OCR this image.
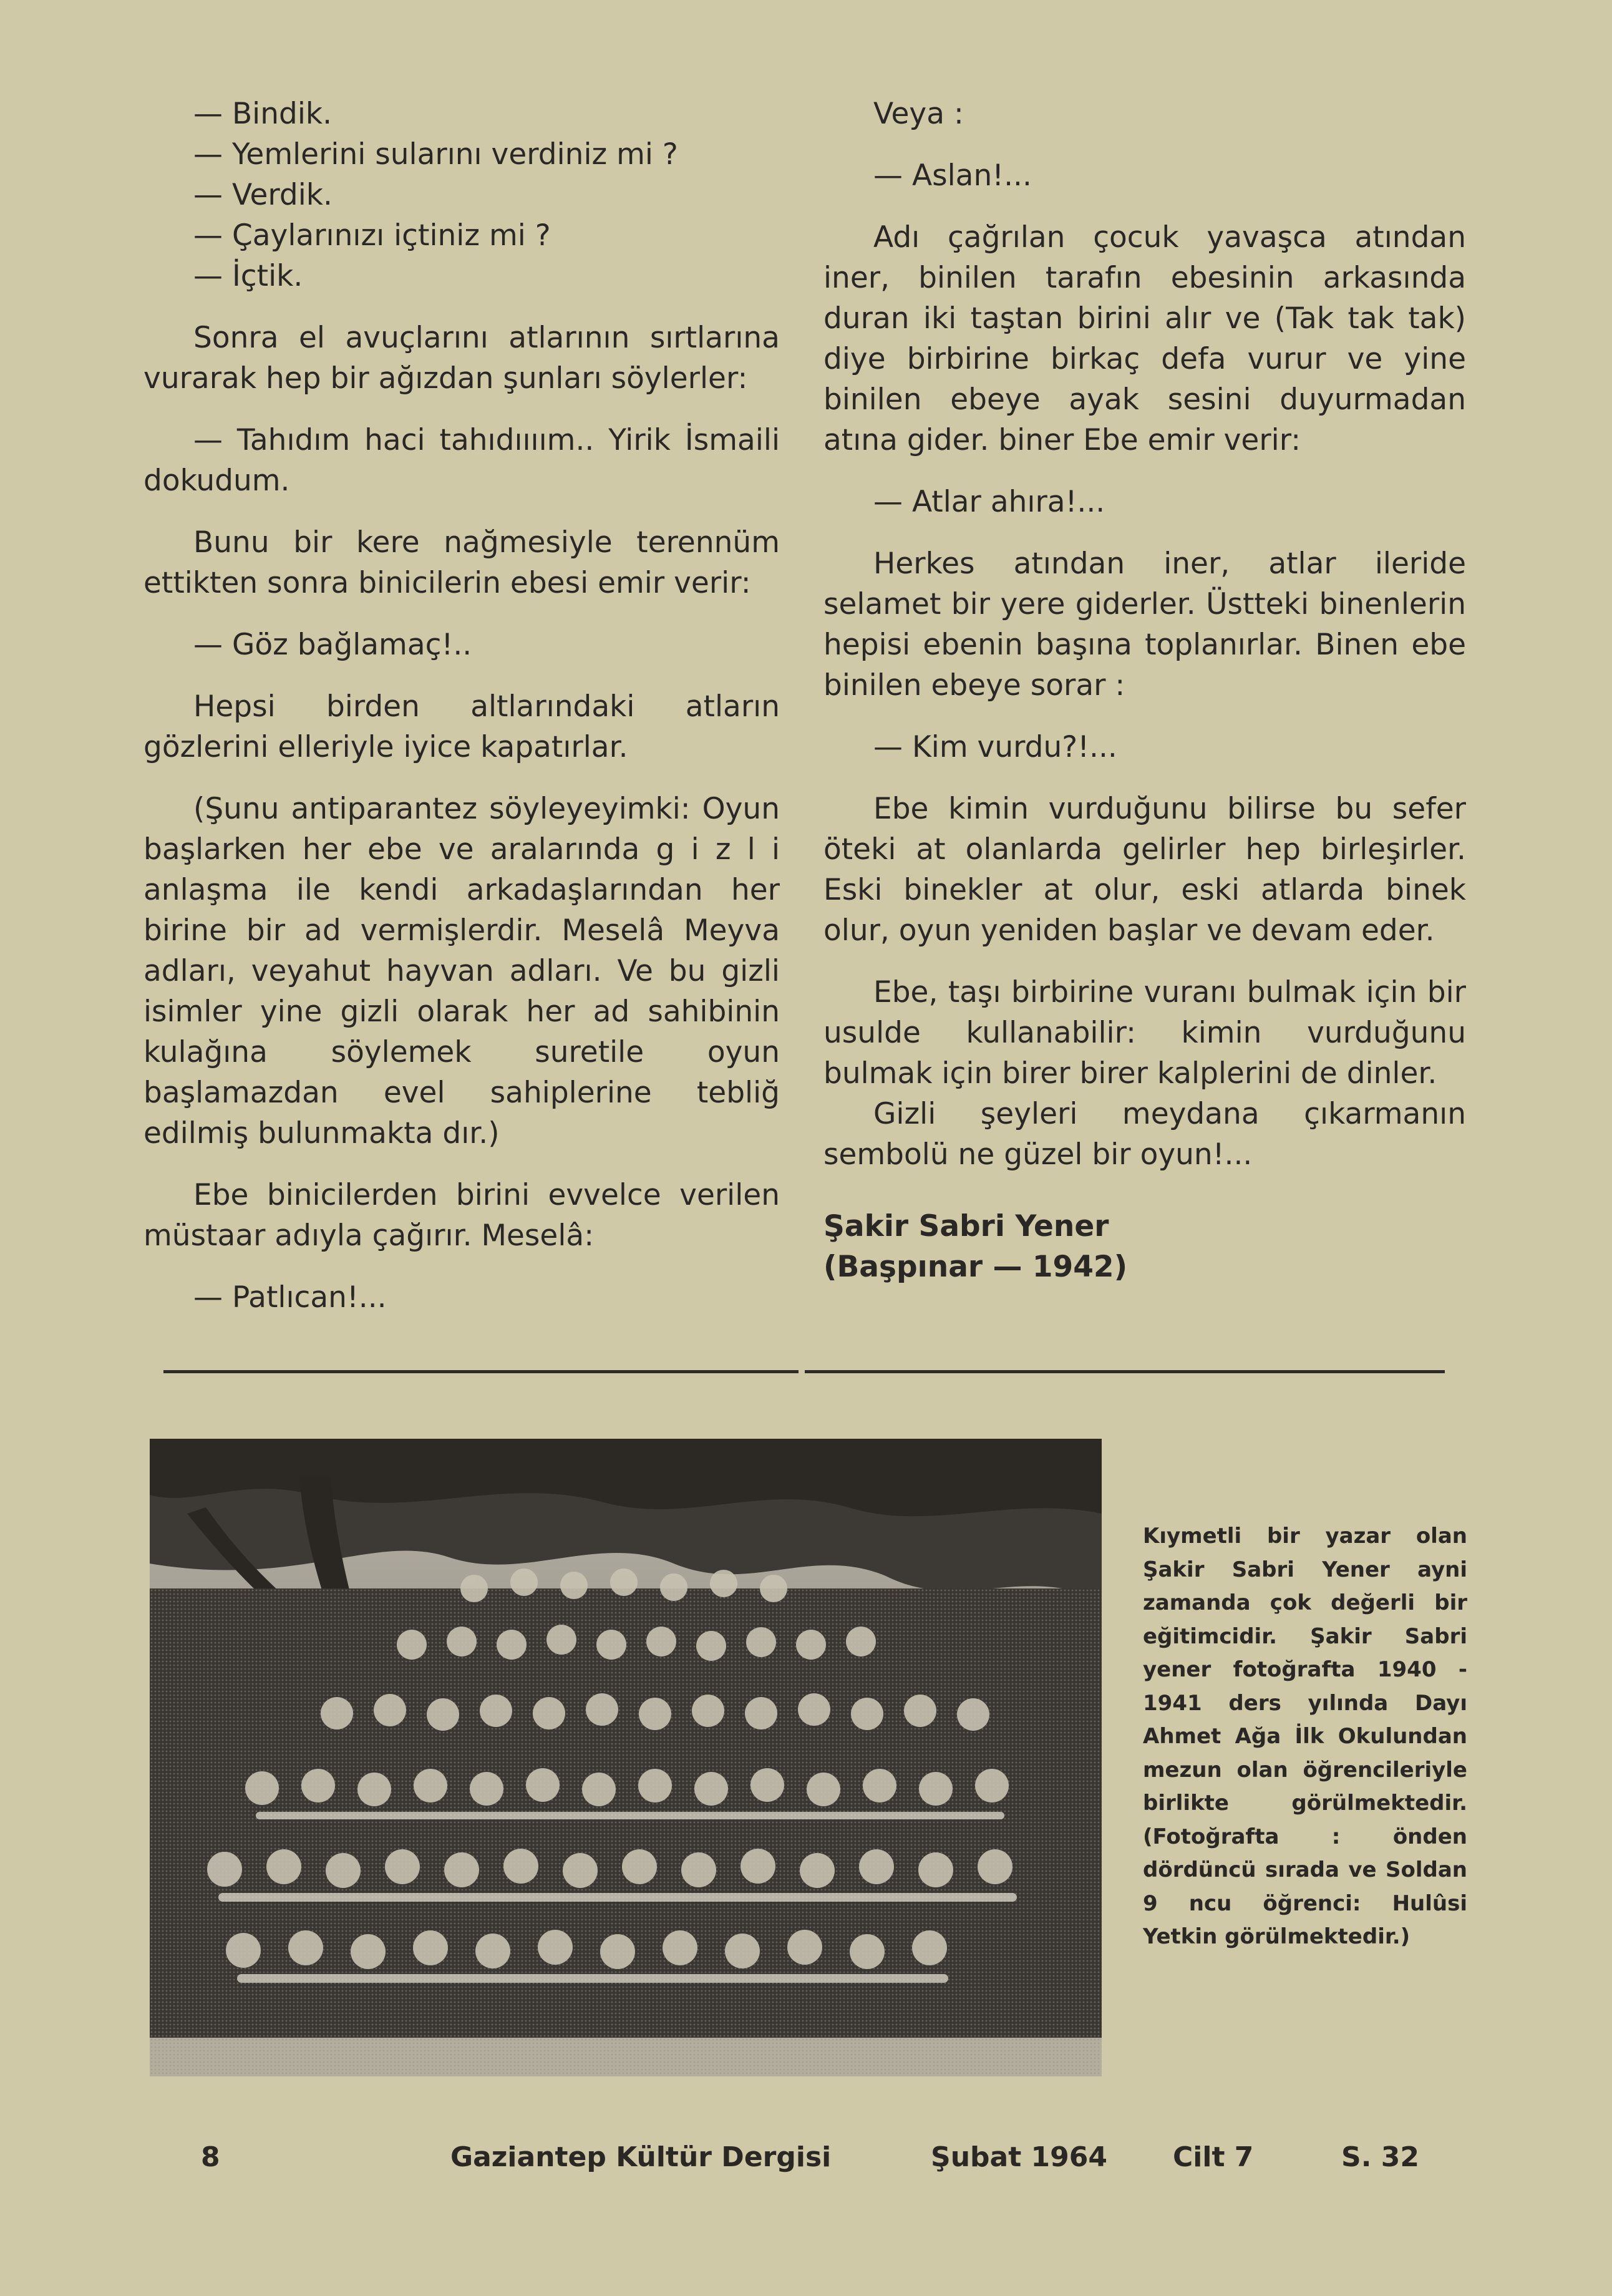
— Bindik.

— Yemlerini sularını verdiniz mi ?

— Verdik.

— Çaylarınızı içtiniz mi ?

— İçtik.

Sonra el avuçlarını atlarının sırtlarına vurarak hep bir ağızdan şunları söylerler:

— Tahıdım haci tahıdıııım.. Yirik İsmaili dokudum.

Bunu bir kere nağmesiyle terennüm ettikten sonra binicilerin ebesi emir verir:

— Göz bağlamaç!..

Hepsi birden altlarındaki atların gözlerini elleriyle iyice kapatırlar.

(Şunu antiparantez söyleyeyimki: Oyun başlarken her ebe ve aralarında g i z l i anlaşma ile kendi arkadaşlarından her birine bir ad vermişlerdir. Meselâ Meyva adları, veyahut hayvan adları. Ve bu gizli isimler yine gizli olarak her ad sahibinin kulağına söylemek suretile oyun başlamazdan evel sahiplerine tebliğ edilmiş bulunmakta dır.)

Ebe binicilerden birini evvelce verilen müstaar adıyla çağırır. Meselâ:

— Patlıcan!...

Veya :

— Aslan!...

Adı çağrılan çocuk yavaşca atından iner, binilen tarafın ebesinin arkasında duran iki taştan birini alır ve (Tak tak tak) diye birbirine birkaç defa vurur ve yine binilen ebeye ayak sesini duyurmadan atına gider. biner Ebe emir verir:

— Atlar ahıra!...

Herkes atından iner, atlar ileride selamet bir yere giderler. Üstteki binenlerin hepisi ebenin başına toplanırlar. Binen ebe binilen ebeye sorar :

— Kim vurdu?!...

Ebe kimin vurduğunu bilirse bu sefer öteki at olanlarda gelirler hep birleşirler. Eski binekler at olur, eski atlarda binek olur, oyun yeniden başlar ve devam eder.

Ebe, taşı birbirine vuranı bulmak için bir usulde kullanabilir: kimin vurduğunu bulmak için birer birer kalplerini de dinler.

Gizli şeyleri meydana çıkarmanın sembolü ne güzel bir oyun!...

Şakir Sabri Yener

(Başpınar — 1942)

Kıymetli bir yazar olan Şakir Sabri Yener ayni zamanda çok değerli bir eğitimcidir. Şakir Sabri yener fotoğrafta 1940 - 1941 ders yılında Dayı Ahmet Ağa İlk Okulundan mezun olan öğrencileriyle birlikte görülmektedir. (Fotoğrafta : önden dördüncü sırada ve Soldan 9 ncu öğrenci: Hulûsi Yetkin görülmektedir.)

8	Gaziantep Kültür Dergisi	Şubat 1964 Cilt 7	S. 32
